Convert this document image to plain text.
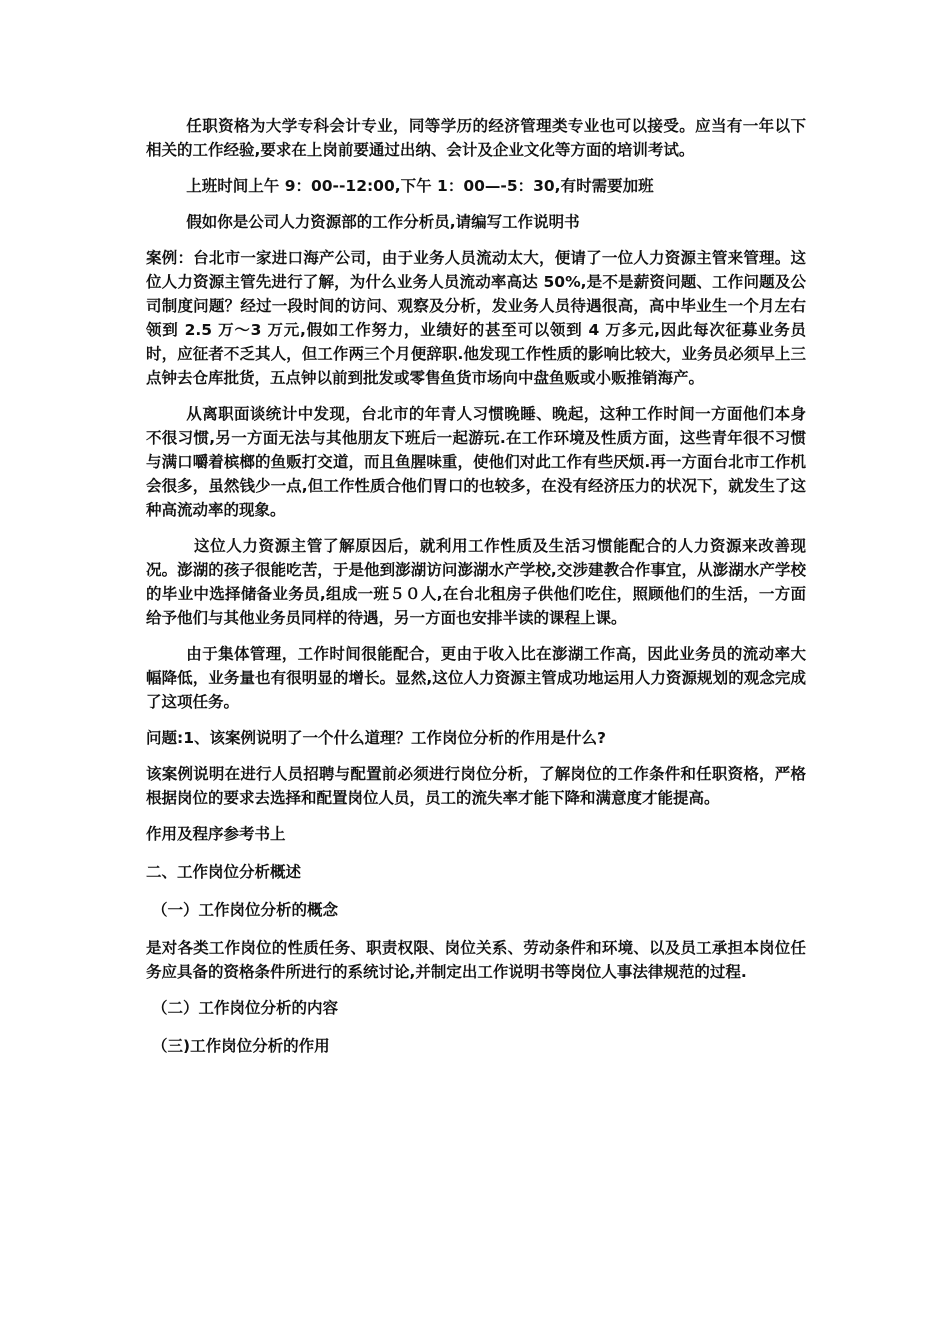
任职资格为大学专科会计专业，同等学历的经济管理类专业也可以接受。应当有一年以下相关的工作经验,要求在上岗前要通过出纳、会计及企业文化等方面的培训考试。

上班时间上午 9：00--12:00,下午 1：00—-5：30,有时需要加班

假如你是公司人力资源部的工作分析员,请编写工作说明书

案例：台北市一家进口海产公司，由于业务人员流动太大，便请了一位人力资源主管来管理。这位人力资源主管先进行了解，为什么业务人员流动率高达 50%,是不是薪资问题、工作问题及公司制度问题？经过一段时间的访问、观察及分析，发业务人员待遇很高，高中毕业生一个月左右领到 2.5 万～3 万元,假如工作努力，业绩好的甚至可以领到 4 万多元,因此每次征募业务员时，应征者不乏其人，但工作两三个月便辞职.他发现工作性质的影响比较大，业务员必须早上三点钟去仓库批货，五点钟以前到批发或零售鱼货市场向中盘鱼贩或小贩推销海产。

从离职面谈统计中发现，台北市的年青人习惯晚睡、晚起，这种工作时间一方面他们本身不很习惯,另一方面无法与其他朋友下班后一起游玩.在工作环境及性质方面，这些青年很不习惯与满口嚼着槟榔的鱼贩打交道，而且鱼腥味重，使他们对此工作有些厌烦.再一方面台北市工作机会很多，虽然钱少一点,但工作性质合他们胃口的也较多，在没有经济压力的状况下，就发生了这种高流动率的现象。

这位人力资源主管了解原因后，就利用工作性质及生活习惯能配合的人力资源来改善现况。澎湖的孩子很能吃苦，于是他到澎湖访问澎湖水产学校,交涉建教合作事宜，从澎湖水产学校的毕业中选择储备业务员,组成一班５０人,在台北租房子供他们吃住，照顾他们的生活，一方面给予他们与其他业务员同样的待遇，另一方面也安排半读的课程上课。

由于集体管理，工作时间很能配合，更由于收入比在澎湖工作高，因此业务员的流动率大幅降低，业务量也有很明显的增长。显然,这位人力资源主管成功地运用人力资源规划的观念完成了这项任务。

问题:1、该案例说明了一个什么道理？工作岗位分析的作用是什么?

该案例说明在进行人员招聘与配置前必须进行岗位分析，了解岗位的工作条件和任职资格，严格根据岗位的要求去选择和配置岗位人员，员工的流失率才能下降和满意度才能提高。

作用及程序参考书上

二、工作岗位分析概述

（一）工作岗位分析的概念

是对各类工作岗位的性质任务、职责权限、岗位关系、劳动条件和环境、以及员工承担本岗位任务应具备的资格条件所进行的系统讨论,并制定出工作说明书等岗位人事法律规范的过程.

（二）工作岗位分析的内容

（三)工作岗位分析的作用
